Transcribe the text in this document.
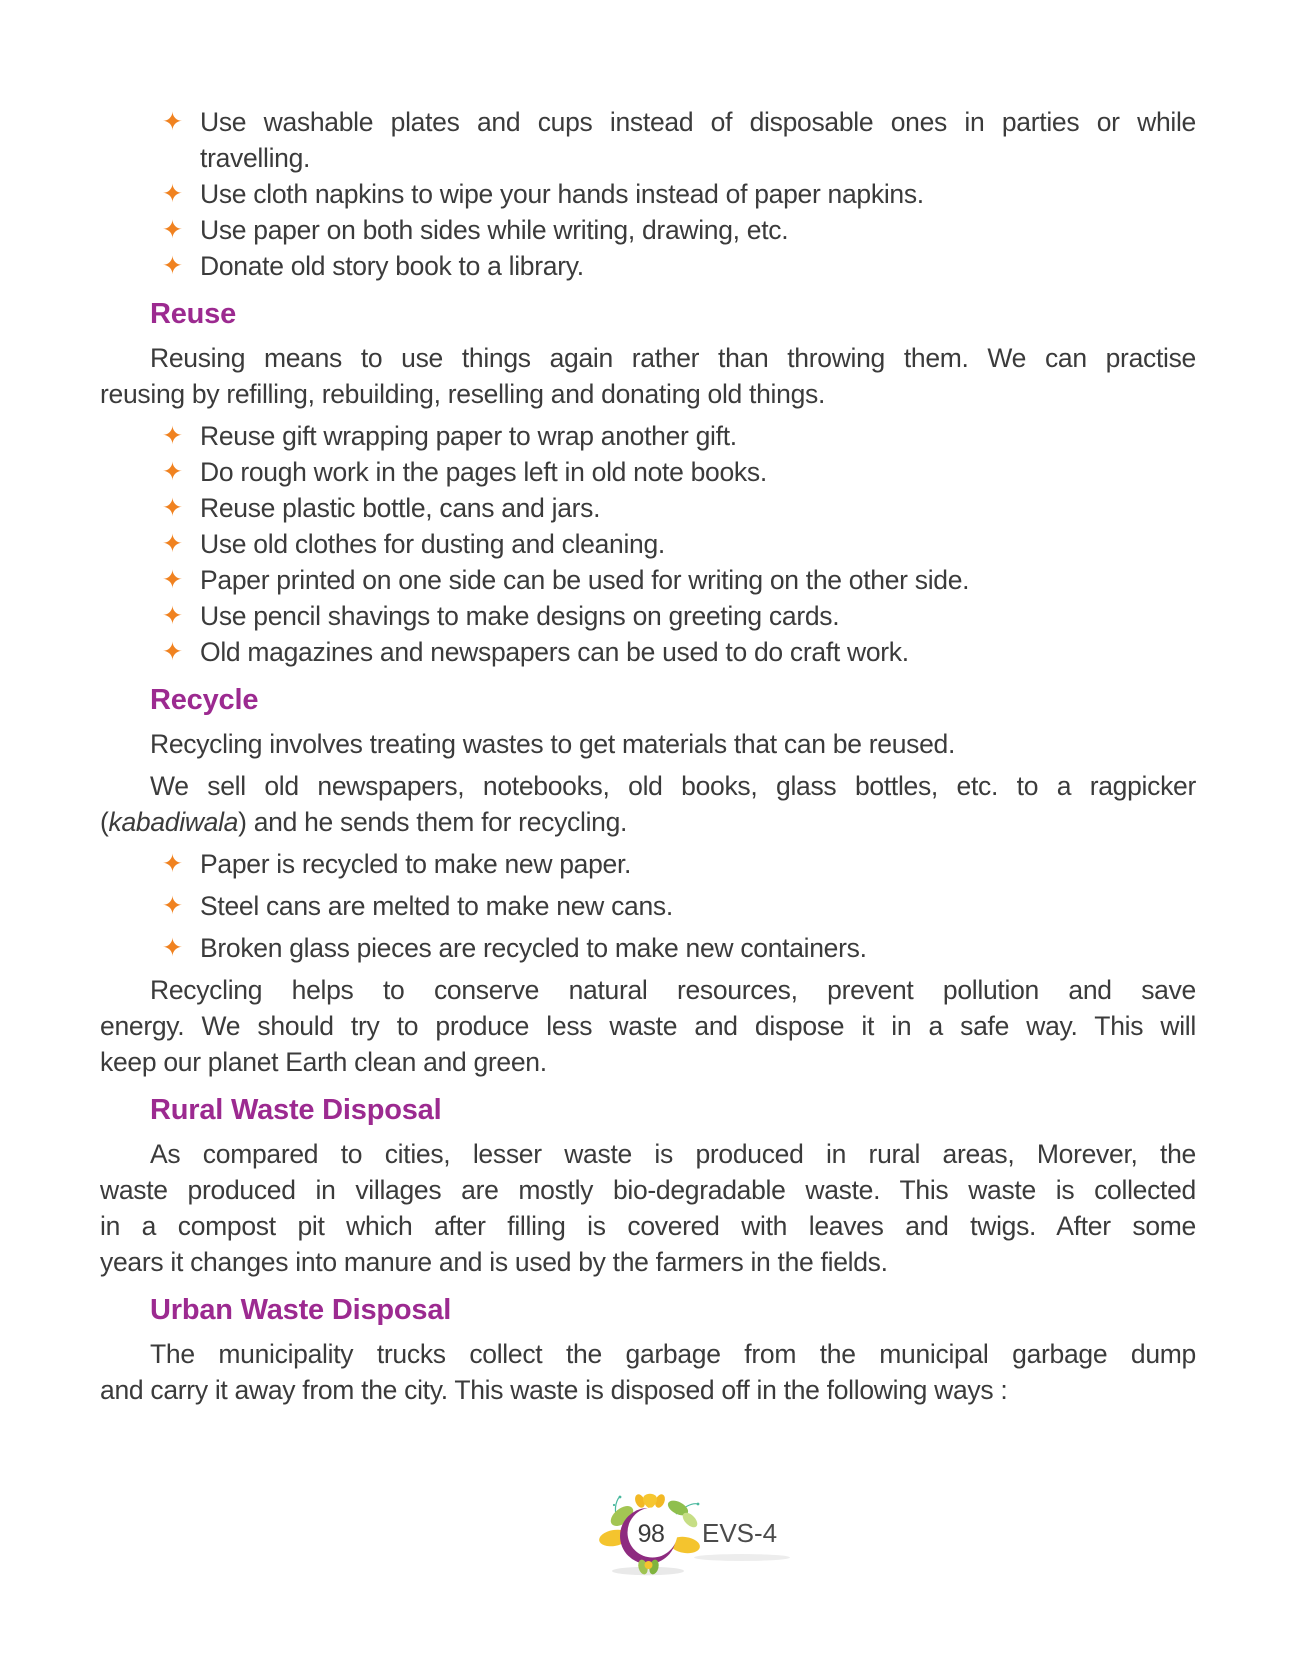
✦ Use washable plates and cups instead of disposable ones in parties or while
travelling.
✦ Use cloth napkins to wipe your hands instead of paper napkins.
✦ Use paper on both sides while writing, drawing, etc.
✦ Donate old story book to a library.
Reuse
Reusing means to use things again rather than throwing them. We can practise
reusing by refilling, rebuilding, reselling and donating old things.
✦ Reuse gift wrapping paper to wrap another gift.
✦ Do rough work in the pages left in old note books.
✦ Reuse plastic bottle, cans and jars.
✦ Use old clothes for dusting and cleaning.
✦ Paper printed on one side can be used for writing on the other side.
✦ Use pencil shavings to make designs on greeting cards.
✦ Old magazines and newspapers can be used to do craft work.
Recycle
Recycling involves treating wastes to get materials that can be reused.
We sell old newspapers, notebooks, old books, glass bottles, etc. to a ragpicker
(kabadiwala) and he sends them for recycling.
✦ Paper is recycled to make new paper.
✦ Steel cans are melted to make new cans.
✦ Broken glass pieces are recycled to make new containers.
Recycling helps to conserve natural resources, prevent pollution and save
energy. We should try to produce less waste and dispose it in a safe way. This will
keep our planet Earth clean and green.
Rural Waste Disposal
As compared to cities, lesser waste is produced in rural areas, Morever, the
waste produced in villages are mostly bio-degradable waste. This waste is collected
in a compost pit which after filling is covered with leaves and twigs. After some
years it changes into manure and is used by the farmers in the fields.
Urban Waste Disposal
The municipality trucks collect the garbage from the municipal garbage dump
and carry it away from the city. This waste is disposed off in the following ways :
98 EVS-4
